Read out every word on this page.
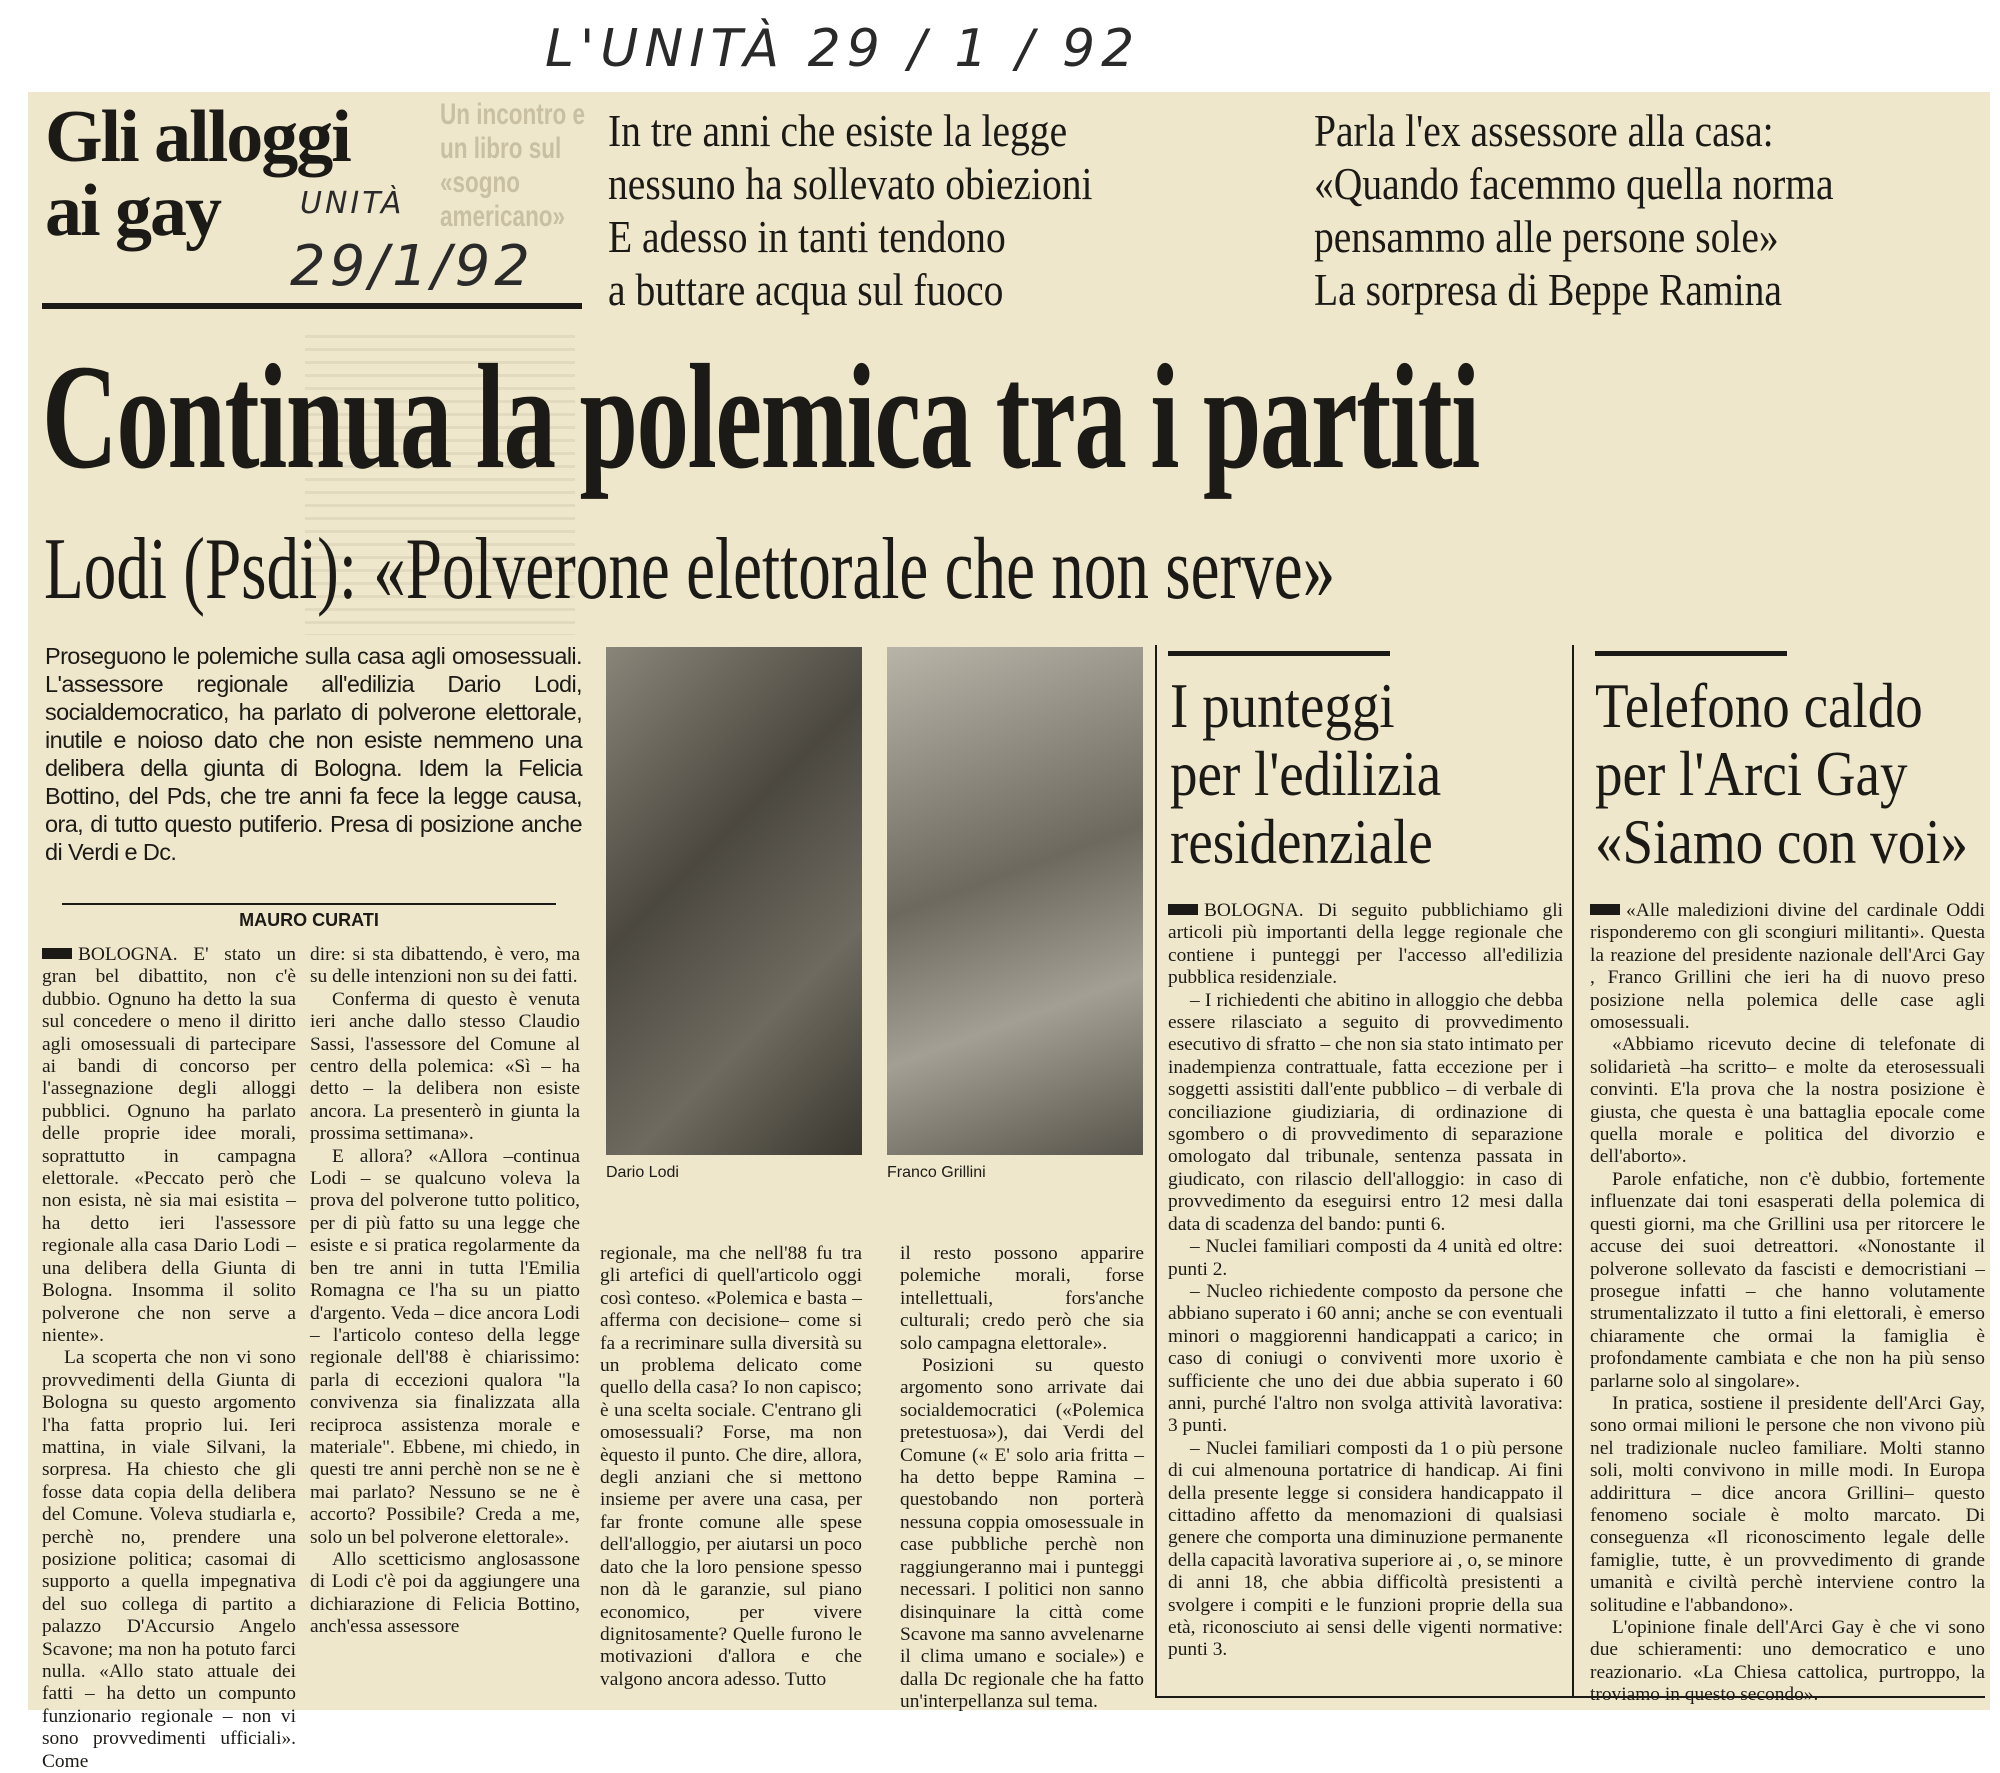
L'UNITÀ 29 / 1 / 92
Un incontro e un libro sul «sogno americano»
Gli alloggi
ai gay	UNITÀ
29/1/92
In tre anni che esiste la legge
nessuno ha sollevato obiezioni
E adesso in tanti tendono
a buttare acqua sul fuoco
Parla l'ex assessore alla casa:
«Quando facemmo quella norma
pensammo alle persone sole»
La sorpresa di Beppe Ramina
Continua la polemica tra i partiti
Lodi (Psdi): «Polverone elettorale che non serve»
Proseguono le polemiche sulla casa agli omosessuali. L'assessore regionale all'edilizia Dario Lodi, socialdemocratico, ha parlato di polverone elettorale, inutile e noioso dato che non esiste nemmeno una delibera della giunta di Bologna. Idem la Felicia Bottino, del Pds, che tre anni fa fece la legge causa, ora, di tutto questo putiferio. Presa di posizione anche di Verdi e Dc.
MAURO CURATI

BOLOGNA. E' stato un gran bel dibattito, non c'è dubbio. Ognuno ha detto la sua sul concedere o meno il diritto agli omosessuali di partecipare ai bandi di concorso per l'assegnazione degli alloggi pubblici. Ognuno ha parlato delle proprie idee morali, soprattutto in campagna elettorale. «Peccato però che non esista, nè sia mai esistita – ha detto ieri l'assessore regionale alla casa Dario Lodi – una delibera della Giunta di Bologna. Insomma il solito polverone che non serve a niente».

La scoperta che non vi sono provvedimenti della Giunta di Bologna su questo argomento l'ha fatta proprio lui. Ieri mattina, in viale Silvani, la sorpresa. Ha chiesto che gli fosse data copia della delibera del Comune. Voleva studiarla e, perchè no, prendere una posizione politica; casomai di supporto a quella impegnativa del suo collega di partito a palazzo D'Accursio Angelo Scavone; ma non ha potuto farci nulla. «Allo stato attuale dei fatti – ha detto un compunto funzionario regionale – non vi sono provvedimenti ufficiali». Come

dire: si sta dibattendo, è vero, ma su delle intenzioni non su dei fatti.

Conferma di questo è venuta ieri anche dallo stesso Claudio Sassi, l'assessore del Comune al centro della polemica: «Sì – ha detto – la delibera non esiste ancora. La presenterò in giunta la prossima settimana».

E allora? «Allora –continua Lodi – se qualcuno voleva la prova del polverone tutto politico, per di più fatto su una legge che esiste e si pratica regolarmente da ben tre anni in tutta l'Emilia Romagna ce l'ha su un piatto d'argento. Veda – dice ancora Lodi – l'articolo conteso della legge regionale dell'88 è chiarissimo: parla di eccezioni qualora "la convivenza sia finalizzata alla reciproca assistenza morale e materiale". Ebbene, mi chiedo, in questi tre anni perchè non se ne è mai parlato? Nessuno se ne è accorto? Possibile? Creda a me, solo un bel polverone elettorale».

Allo scetticismo anglosassone di Lodi c'è poi da aggiungere una dichiarazione di Felicia Bottino, anch'essa assessore

Dario Lodi	Franco Grillini

regionale, ma che nell'88 fu tra gli artefici di quell'articolo oggi così conteso. «Polemica e basta – afferma con decisione– come si fa a recriminare sulla diversità su un problema delicato come quello della casa? Io non capisco; è una scelta sociale. C'entrano gli omosessuali? Forse, ma non èquesto il punto. Che dire, allora, degli anziani che si mettono insieme per avere una casa, per far fronte comune alle spese dell'alloggio, per aiutarsi un poco dato che la loro pensione spesso non dà le garanzie, sul piano economico, per vivere dignitosamente? Quelle furono le motivazioni d'allora e che valgono ancora adesso. Tutto

il resto possono apparire polemiche morali, forse intellettuali, fors'anche culturali; credo però che sia solo campagna elettorale».

Posizioni su questo argomento sono arrivate dai socialdemocratici («Polemica pretestuosa»), dai Verdi del Comune (« E' solo aria fritta – ha detto beppe Ramina – questobando non porterà nessuna coppia omosessuale in case pubbliche perchè non raggiungeranno mai i punteggi necessari. I politici non sanno disinquinare la città come Scavone ma sanno avvelenarne il clima umano e sociale») e dalla Dc regionale che ha fatto un'interpellanza sul tema.

I punteggi
per l'edilizia
residenziale

BOLOGNA. Di seguito pubblichiamo gli articoli più importanti della legge regionale che contiene i punteggi per l'accesso all'edilizia pubblica residenziale.

– I richiedenti che abitino in alloggio che debba essere rilasciato a seguito di provvedimento esecutivo di sfratto – che non sia stato intimato per inadempienza contrattuale, fatta eccezione per i soggetti assistiti dall'ente pubblico – di verbale di conciliazione giudiziaria, di ordinazione di sgombero o di provvedimento di separazione omologato dal tribunale, sentenza passata in giudicato, con rilascio dell'alloggio: in caso di provvedimento da eseguirsi entro 12 mesi dalla data di scadenza del bando: punti 6.

– Nuclei familiari composti da 4 unità ed oltre: punti 2.

– Nucleo richiedente composto da persone che abbiano superato i 60 anni; anche se con eventuali minori o maggiorenni handicappati a carico; in caso di coniugi o conviventi more uxorio è sufficiente che uno dei due abbia superato i 60 anni, purché l'altro non svolga attività lavorativa: 3 punti.

– Nuclei familiari composti da 1 o più persone di cui almenouna portatrice di handicap. Ai fini della presente legge si considera handicappato il cittadino affetto da menomazioni di qualsiasi genere che comporta una diminuzione permanente della capacità lavorativa superiore ai , o, se minore di anni 18, che abbia difficoltà presistenti a svolgere i compiti e le funzioni proprie della sua età, riconosciuto ai sensi delle vigenti normative: punti 3.

Telefono caldo
per l'Arci Gay
«Siamo con voi»

«Alle maledizioni divine del cardinale Oddi risponderemo con gli scongiuri militanti». Questa la reazione del presidente nazionale dell'Arci Gay , Franco Grillini che ieri ha di nuovo preso posizione nella polemica delle case agli omosessuali.

«Abbiamo ricevuto decine di telefonate di solidarietà –ha scritto– e molte da eterosessuali convinti. E'la prova che la nostra posizione è giusta, che questa è una battaglia epocale come quella morale e politica del divorzio e dell'aborto».

Parole enfatiche, non c'è dubbio, fortemente influenzate dai toni esasperati della polemica di questi giorni, ma che Grillini usa per ritorcere le accuse dei suoi detreattori. «Nonostante il polverone sollevato da fascisti e democristiani – prosegue infatti – che hanno volutamente strumentalizzato il tutto a fini elettorali, è emerso chiaramente che ormai la famiglia è profondamente cambiata e che non ha più senso parlarne solo al singolare».

In pratica, sostiene il presidente dell'Arci Gay, sono ormai milioni le persone che non vivono più nel tradizionale nucleo familiare. Molti stanno soli, molti convivono in mille modi. In Europa addirittura – dice ancora Grillini– questo fenomeno sociale è molto marcato. Di conseguenza «Il riconoscimento legale delle famiglie, tutte, è un provvedimento di grande umanità e civiltà perchè interviene contro la solitudine e l'abbandono».

L'opinione finale dell'Arci Gay è che vi sono due schieramenti: uno democratico e uno reazionario. «La Chiesa cattolica, purtroppo, la troviamo in questo secondo».
